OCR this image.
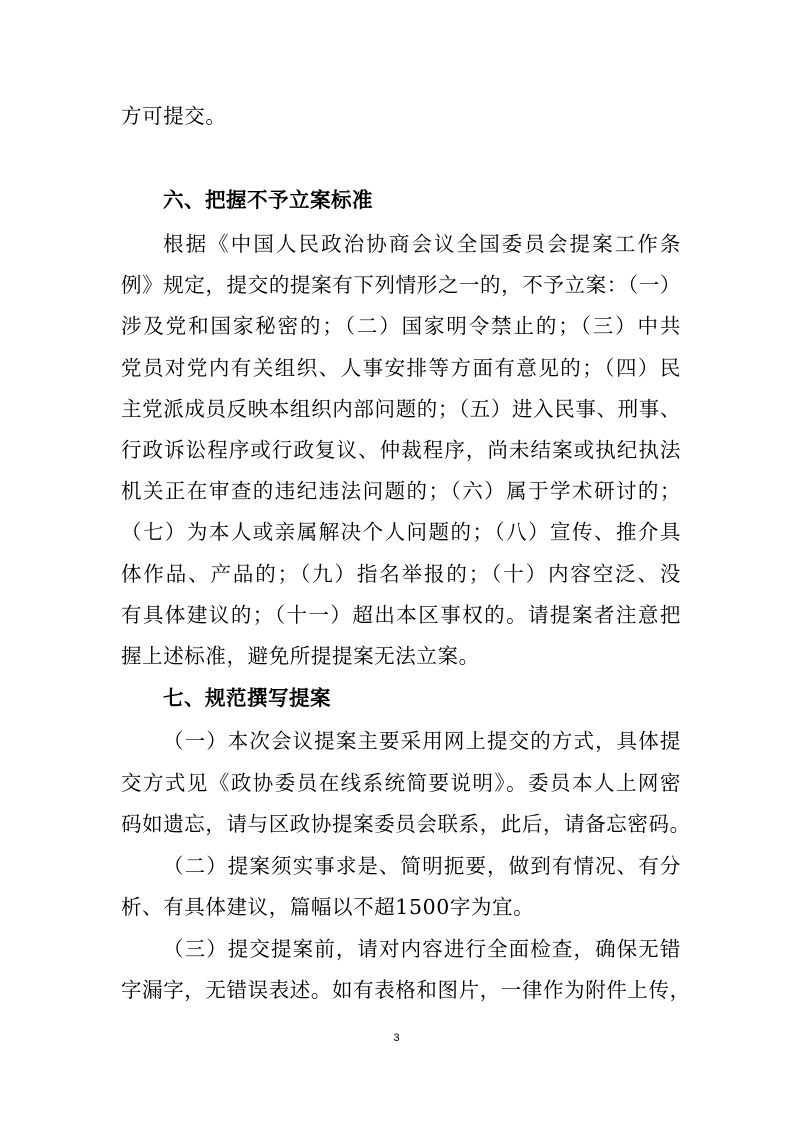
方可提交。
六、把握不予立案标准
根据《中国人民政治协商会议全国委员会提案工作条
例》规定，提交的提案有下列情形之一的，不予立案：（一）
涉及党和国家秘密的；（二）国家明令禁止的；（三）中共
党员对党内有关组织、人事安排等方面有意见的；（四）民
主党派成员反映本组织内部问题的；（五）进入民事、刑事、
行政诉讼程序或行政复议、仲裁程序，尚未结案或执纪执法
机关正在审查的违纪违法问题的；（六）属于学术研讨的；
（七）为本人或亲属解决个人问题的；（八）宣传、推介具
体作品、产品的；（九）指名举报的；（十）内容空泛、没
有具体建议的；（十一）超出本区事权的。请提案者注意把
握上述标准，避免所提提案无法立案。
七、规范撰写提案
（一）本次会议提案主要采用网上提交的方式，具体提
交方式见《政协委员在线系统简要说明》。委员本人上网密
码如遗忘，请与区政协提案委员会联系，此后，请备忘密码。
（二）提案须实事求是、简明扼要，做到有情况、有分
析、有具体建议，篇幅以不超1500字为宜。
（三）提交提案前，请对内容进行全面检查，确保无错
字漏字，无错误表述。如有表格和图片，一律作为附件上传，
3
